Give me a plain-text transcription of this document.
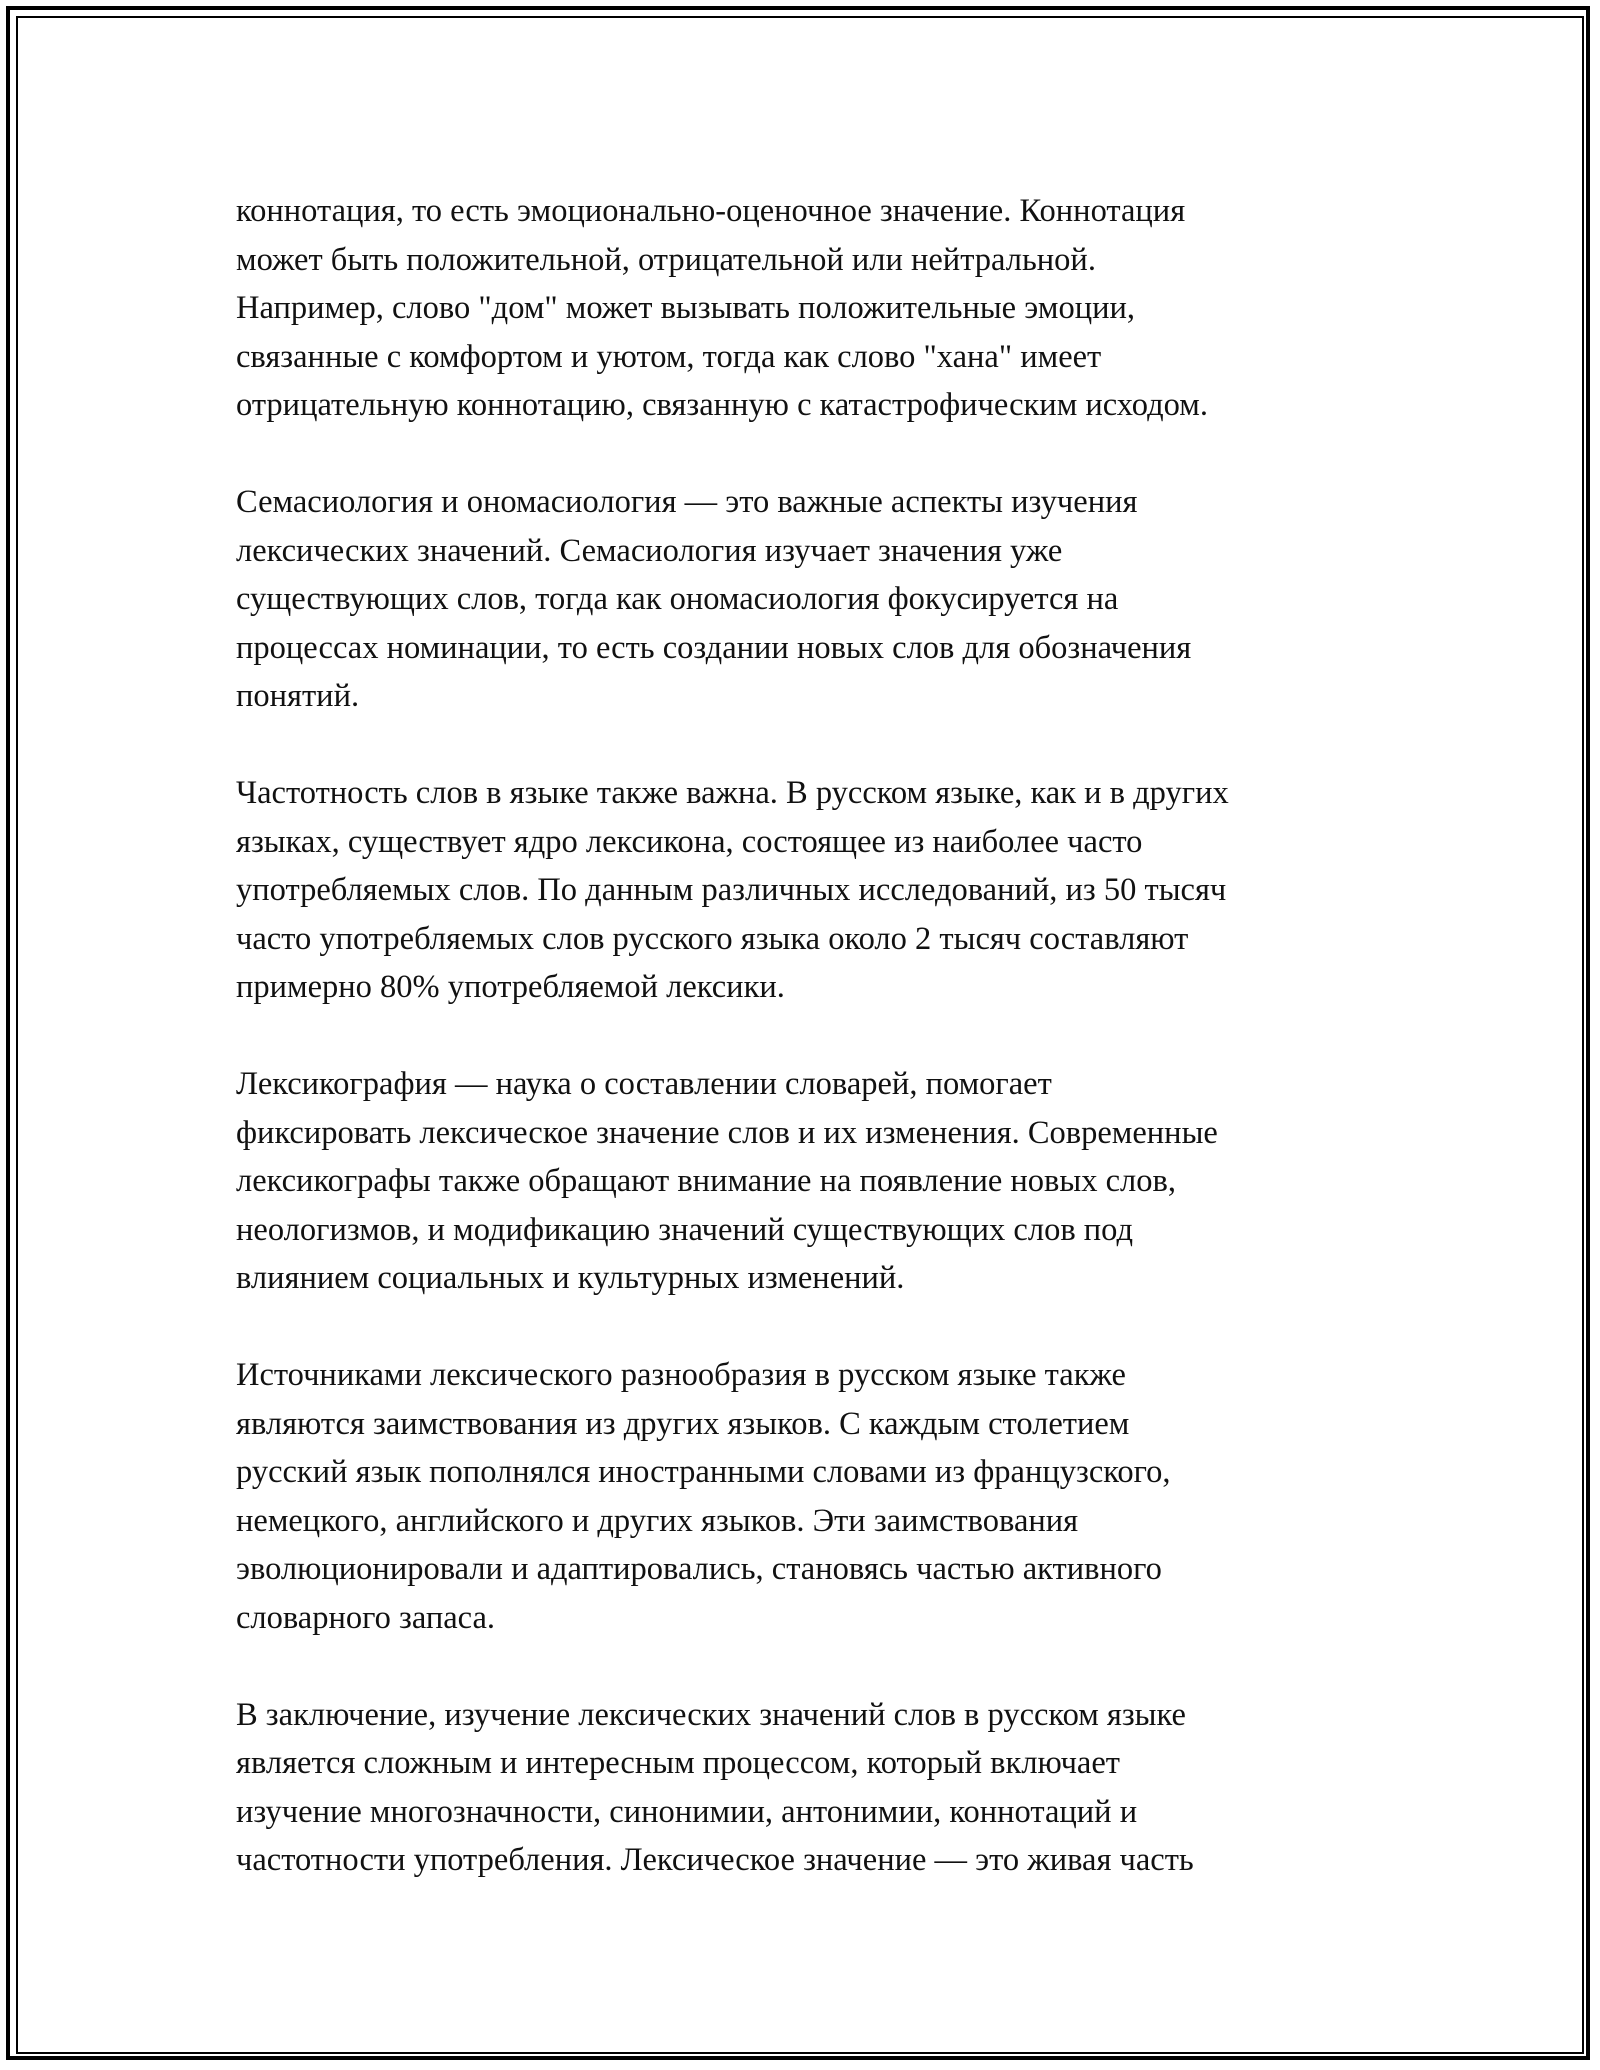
коннотация, то есть эмоционально-оценочное значение. Коннотация
может быть положительной, отрицательной или нейтральной.
Например, слово "дом" может вызывать положительные эмоции,
связанные с комфортом и уютом, тогда как слово "хана" имеет
отрицательную коннотацию, связанную с катастрофическим исходом.
Семасиология и ономасиология — это важные аспекты изучения
лексических значений. Семасиология изучает значения уже
существующих слов, тогда как ономасиология фокусируется на
процессах номинации, то есть создании новых слов для обозначения
понятий.
Частотность слов в языке также важна. В русском языке, как и в других
языках, существует ядро лексикона, состоящее из наиболее часто
употребляемых слов. По данным различных исследований, из 50 тысяч
часто употребляемых слов русского языка около 2 тысяч составляют
примерно 80% употребляемой лексики.
Лексикография — наука о составлении словарей, помогает
фиксировать лексическое значение слов и их изменения. Современные
лексикографы также обращают внимание на появление новых слов,
неологизмов, и модификацию значений существующих слов под
влиянием социальных и культурных изменений.
Источниками лексического разнообразия в русском языке также
являются заимствования из других языков. С каждым столетием
русский язык пополнялся иностранными словами из французского,
немецкого, английского и других языков. Эти заимствования
эволюционировали и адаптировались, становясь частью активного
словарного запаса.
В заключение, изучение лексических значений слов в русском языке
является сложным и интересным процессом, который включает
изучение многозначности, синонимии, антонимии, коннотаций и
частотности употребления. Лексическое значение — это живая часть
